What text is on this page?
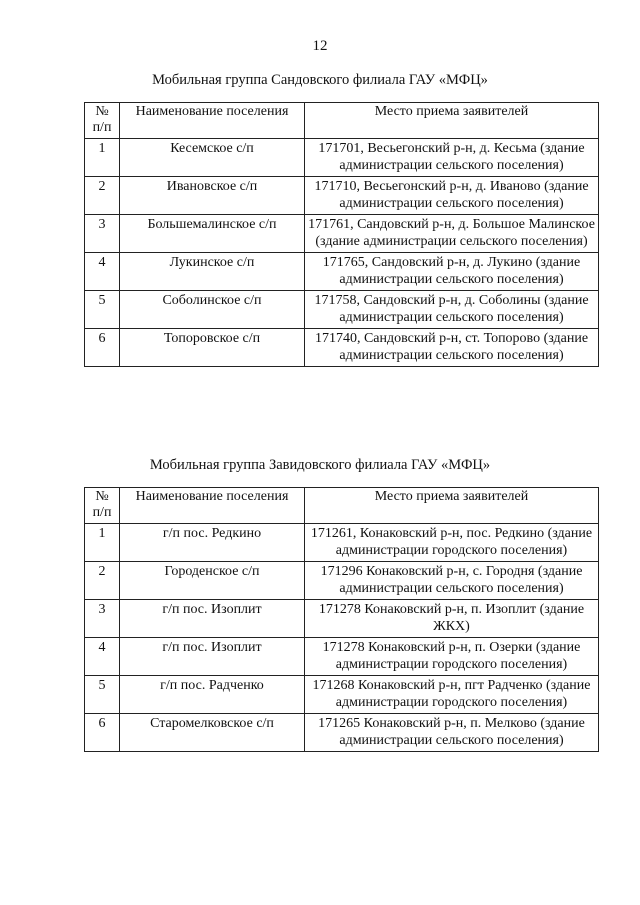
12
Мобильная группа Сандовского филиала ГАУ «МФЦ»
№ п/п	Наименование поселения	Место приема заявителей
1	Кесемское с/п	171701, Весьегонский р-н, д. Кесьма (здание администрации сельского поселения)
2	Ивановское с/п	171710, Весьегонский р-н, д. Иваново (здание администрации сельского поселения)
3	Большемалинское с/п	171761, Сандовский р-н, д. Большое Малинское (здание администрации сельского поселения)
4	Лукинское с/п	171765, Сандовский р-н, д. Лукино (здание администрации сельского поселения)
5	Соболинское с/п	171758, Сандовский р-н, д. Соболины (здание администрации сельского поселения)
6	Топоровское с/п	171740, Сандовский р-н, ст. Топорово (здание администрации сельского поселения)
Мобильная группа Завидовского филиала ГАУ «МФЦ»
№ п/п	Наименование поселения	Место приема заявителей
1	г/п пос. Редкино	171261, Конаковский р-н, пос. Редкино (здание администрации городского поселения)
2	Городенское с/п	171296 Конаковский р-н, с. Городня (здание администрации сельского поселения)
3	г/п пос. Изоплит	171278 Конаковский р-н, п. Изоплит (здание ЖКХ)
4	г/п пос. Изоплит	171278 Конаковский р-н, п. Озерки (здание администрации городского поселения)
5	г/п пос. Радченко	171268 Конаковский р-н, пгт Радченко (здание администрации городского поселения)
6	Старомелковское с/п	171265 Конаковский р-н, п. Мелково (здание администрации сельского поселения)
